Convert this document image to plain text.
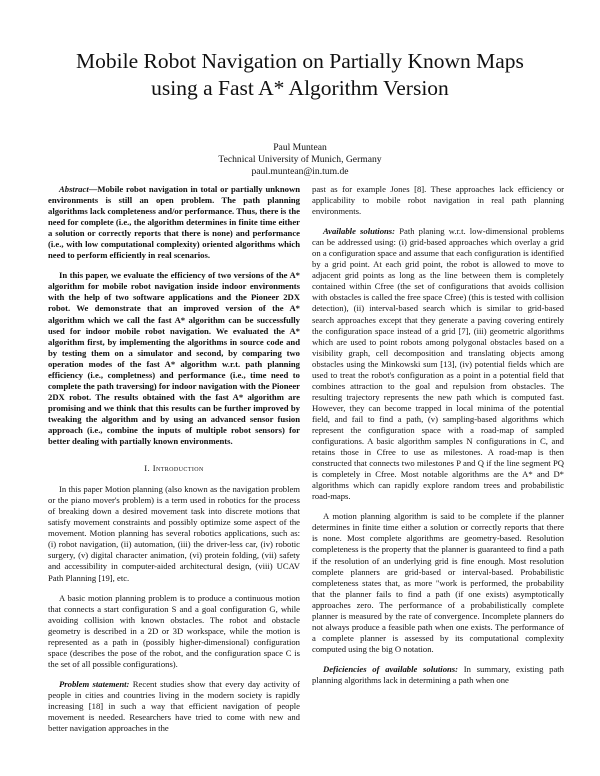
Mobile Robot Navigation on Partially Known Maps
using a Fast A* Algorithm Version
Paul Muntean
Technical University of Munich, Germany
paul.muntean@in.tum.de

Abstract—Mobile robot navigation in total or partially unknown environments is still an open problem. The path planning algorithms lack completeness and/or performance. Thus, there is the need for complete (i.e., the algorithm determines in finite time either a solution or correctly reports that there is none) and performance (i.e., with low computational complexity) oriented algorithms which need to perform efficiently in real scenarios.

In this paper, we evaluate the efficiency of two versions of the A* algorithm for mobile robot navigation inside indoor environments with the help of two software applications and the Pioneer 2DX robot. We demonstrate that an improved version of the A* algorithm which we call the fast A* algorithm can be successfully used for indoor mobile robot navigation. We evaluated the A* algorithm first, by implementing the algorithms in source code and by testing them on a simulator and second, by comparing two operation modes of the fast A* algorithm w.r.t. path planning efficiency (i.e., completness) and performance (i.e., time need to complete the path traversing) for indoor navigation with the Pioneer 2DX robot. The results obtained with the fast A* algorithm are promising and we think that this results can be further improved by tweaking the algorithm and by using an advanced sensor fusion approach (i.e., combine the inputs of multiple robot sensors) for better dealing with partially known environments.

I. Introduction

In this paper Motion planning (also known as the navigation problem or the piano mover's problem) is a term used in robotics for the process of breaking down a desired movement task into discrete motions that satisfy movement constraints and possibly optimize some aspect of the movement. Motion planning has several robotics applications, such as: (i) robot navigation, (ii) automation, (iii) the driver-less car, (iv) robotic surgery, (v) digital character animation, (vi) protein folding, (vii) safety and accessibility in computer-aided architectural design, (viii) UCAV Path Planning [19], etc.

A basic motion planning problem is to produce a continuous motion that connects a start configuration S and a goal configuration G, while avoiding collision with known obstacles. The robot and obstacle geometry is described in a 2D or 3D workspace, while the motion is represented as a path in (possibly higher-dimensional) configuration space (describes the pose of the robot, and the configuration space C is the set of all possible configurations).

Problem statement: Recent studies show that every day activity of people in cities and countries living in the modern society is rapidly increasing [18] in such a way that efficient navigation of people movement is needed. Researchers have tried to come with new and better navigation approaches in the

past as for example Jones [8]. These approaches lack efficiency or applicability to mobile robot navigation in real path planning environments.

Available solutions: Path planing w.r.t. low-dimensional problems can be addressed using: (i) grid-based approaches which overlay a grid on a configuration space and assume that each configuration is identified by a grid point. At each grid point, the robot is allowed to move to adjacent grid points as long as the line between them is completely contained within Cfree (the set of configurations that avoids collision with obstacles is called the free space Cfree) (this is tested with collision detection), (ii) interval-based search which is similar to grid-based search approaches except that they generate a paving covering entirely the configuration space instead of a grid [7], (iii) geometric algorithms which are used to point robots among polygonal obstacles based on a visibility graph, cell decomposition and translating objects among obstacles using the Minkowski sum [13], (iv) potential fields which are used to treat the robot's configuration as a point in a potential field that combines attraction to the goal and repulsion from obstacles. The resulting trajectory represents the new path which is computed fast. However, they can become trapped in local minima of the potential field, and fail to find a path, (v) sampling-based algorithms which represent the configuration space with a road-map of sampled configurations. A basic algorithm samples N configurations in C, and retains those in Cfree to use as milestones. A road-map is then constructed that connects two milestones P and Q if the line segment PQ is completely in Cfree. Most notable algorithms are the A* and D* algorithms which can rapidly explore random trees and probabilistic road-maps.

A motion planning algorithm is said to be complete if the planner determines in finite time either a solution or correctly reports that there is none. Most complete algorithms are geometry-based. Resolution completeness is the property that the planner is guaranteed to find a path if the resolution of an underlying grid is fine enough. Most resolution complete planners are grid-based or interval-based. Probabilistic completeness states that, as more "work is performed, the probability that the planner fails to find a path (if one exists) asymptotically approaches zero. The performance of a probabilistically complete planner is measured by the rate of convergence. Incomplete planners do not always produce a feasible path when one exists. The performance of a complete planner is assessed by its computational complexity computed using the big O notation.

Deficiencies of available solutions: In summary, existing path planning algorithms lack in determining a path when one
